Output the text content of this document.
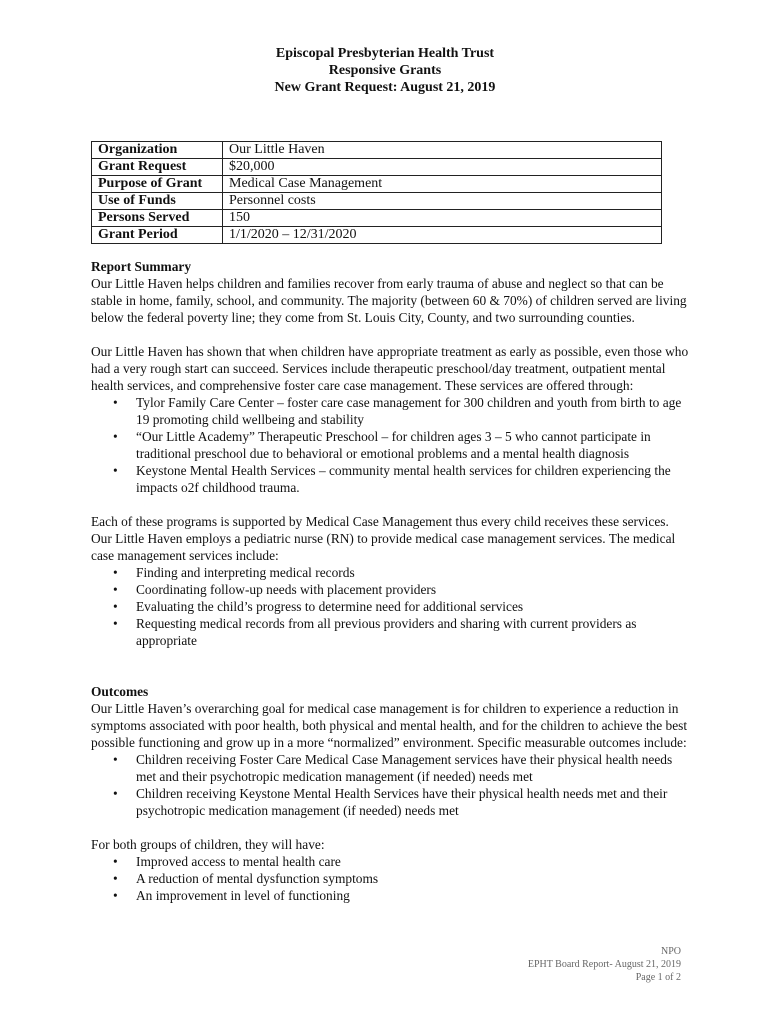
Episcopal Presbyterian Health Trust
Responsive Grants
New Grant Request: August 21, 2019
Organization	Our Little Haven
Grant Request	$20,000
Purpose of Grant	Medical Case Management
Use of Funds	Personnel costs
Persons Served	150
Grant Period	1/1/2020 – 12/31/2020

Report Summary

Our Little Haven helps children and families recover from early trauma of abuse and neglect so that can be stable in home, family, school, and community. The majority (between 60 & 70%) of children served are living below the federal poverty line; they come from St. Louis City, County, and two surrounding counties.

Our Little Haven has shown that when children have appropriate treatment as early as possible, even those who had a very rough start can succeed. Services include therapeutic preschool/day treatment, outpatient mental health services, and comprehensive foster care case management. These services are offered through:

• Tylor Family Care Center – foster care case management for 300 children and youth from birth to age 19 promoting child wellbeing and stability
• “Our Little Academy” Therapeutic Preschool – for children ages 3 – 5 who cannot participate in traditional preschool due to behavioral or emotional problems and a mental health diagnosis
• Keystone Mental Health Services – community mental health services for children experiencing the impacts o2f childhood trauma.

Each of these programs is supported by Medical Case Management thus every child receives these services. Our Little Haven employs a pediatric nurse (RN) to provide medical case management services. The medical case management services include:

• Finding and interpreting medical records
• Coordinating follow-up needs with placement providers
• Evaluating the child’s progress to determine need for additional services
• Requesting medical records from all previous providers and sharing with current providers as appropriate

Outcomes

Our Little Haven’s overarching goal for medical case management is for children to experience a reduction in symptoms associated with poor health, both physical and mental health, and for the children to achieve the best possible functioning and grow up in a more “normalized” environment. Specific measurable outcomes include:

• Children receiving Foster Care Medical Case Management services have their physical health needs met and their psychotropic medication management (if needed) needs met
• Children receiving Keystone Mental Health Services have their physical health needs met and their psychotropic medication management (if needed) needs met

For both groups of children, they will have:

• Improved access to mental health care
• A reduction of mental dysfunction symptoms
• An improvement in level of functioning
NPO
EPHT Board Report- August 21, 2019
Page 1 of 2
